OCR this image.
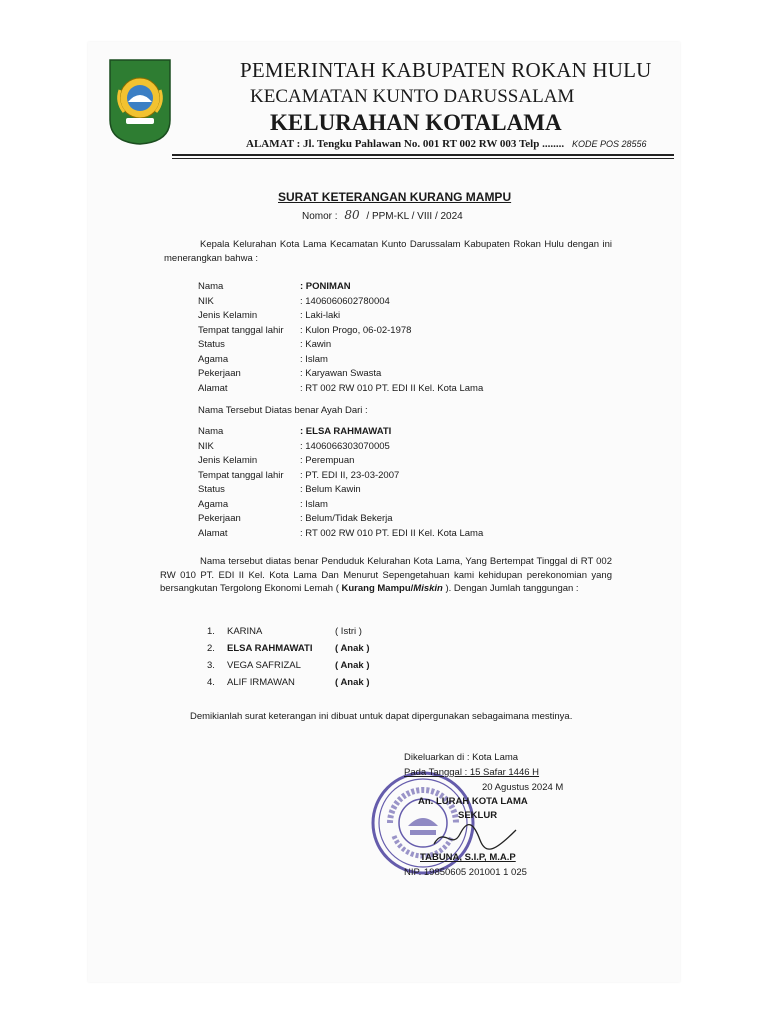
PEMERINTAH KABUPATEN ROKAN HULU
KECAMATAN KUNTO DARUSSALAM
KELURAHAN KOTALAMA
ALAMAT : Jl. Tengku Pahlawan No. 001 RT 002 RW 003 Telp ........ KODE POS 28556
SURAT KETERANGAN KURANG MAMPU
Nomor : 80 / PPM-KL / VIII / 2024
Kepala Kelurahan Kota Lama Kecamatan Kunto Darussalam Kabupaten Rokan Hulu dengan ini menerangkan bahwa :
Nama	: PONIMAN
NIK	: 1406060602780004
Jenis Kelamin	: Laki-laki
Tempat tanggal lahir : Kulon Progo, 06-02-1978
Status	: Kawin
Agama	: Islam
Pekerjaan	: Karyawan Swasta
Alamat	: RT 002 RW 010 PT. EDI II Kel. Kota Lama
Nama Tersebut Diatas benar Ayah Dari :
Nama	: ELSA RAHMAWATI
NIK	: 1406066303070005
Jenis Kelamin	: Perempuan
Tempat tanggal lahir : PT. EDI II, 23-03-2007
Status	: Belum Kawin
Agama	: Islam
Pekerjaan	: Belum/Tidak Bekerja
Alamat	: RT 002 RW 010 PT. EDI II Kel. Kota Lama
Nama tersebut diatas benar Penduduk Kelurahan Kota Lama, Yang Bertempat Tinggal di RT 002 RW 010 PT. EDI II Kel. Kota Lama Dan Menurut Sepengetahuan kami kehidupan perekonomian yang bersangkutan Tergolong Ekonomi Lemah ( Kurang Mampu/Miskin ). Dengan Jumlah tanggungan :
1. KARINA	( Istri )
2. ELSA RAHMAWATI ( Anak )
3. VEGA SAFRIZAL	( Anak )
4. ALIF IRMAWAN	( Anak )
Demikianlah surat keterangan ini dibuat untuk dapat dipergunakan sebagaimana mestinya.
Dikeluarkan di : Kota Lama
Pada Tanggal : 15 Safar 1446 H
20 Agustus 2024 M
An. LURAH KOTA LAMA
SEKLUR
TABUNA, S.I.P, M.A.P
NIP. 19850605 201001 1 025
